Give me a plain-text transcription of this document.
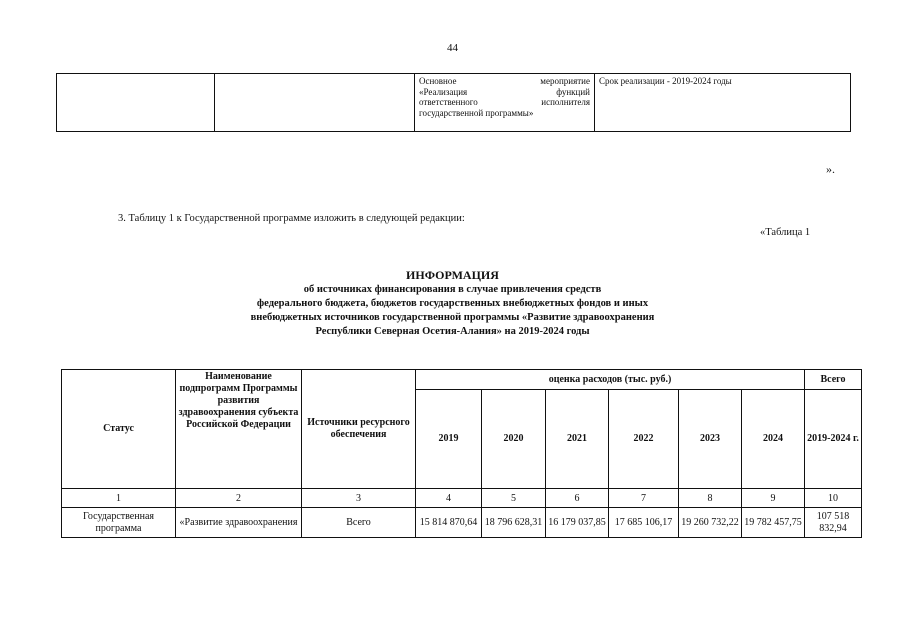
44

Основное	мероприятие
«Реализация	функций
ответственного	исполнителя
государственной программы»
	Срок реализации - 2019-2024 годы
».
3. Таблицу 1 к Государственной программе изложить в следующей редакции:
«Таблица 1
ИНФОРМАЦИЯ
об источниках финансирования в случае привлечения средств
федерального бюджета, бюджетов государственных внебюджетных фондов и иных
внебюджетных источников государственной программы «Развитие здравоохранения
Республики Северная Осетия-Алания» на 2019-2024 годы
Статус	Наименование подпрограмм Программы развития здравоохранения субъекта Российской Федерации	Источники ресурсного обеспечения	оценка расходов (тыс. руб.)						Всего
			2019	2020	2021	2022	2023	2024	2019-2024 г.
1	2	3	4	5	6	7	8	9	10
Государственная программа	«Развитие здравоохранения	Всего	15 814 870,64	18 796 628,31	16 179 037,85	17 685 106,17	19 260 732,22	19 782 457,75	107 518 832,94
